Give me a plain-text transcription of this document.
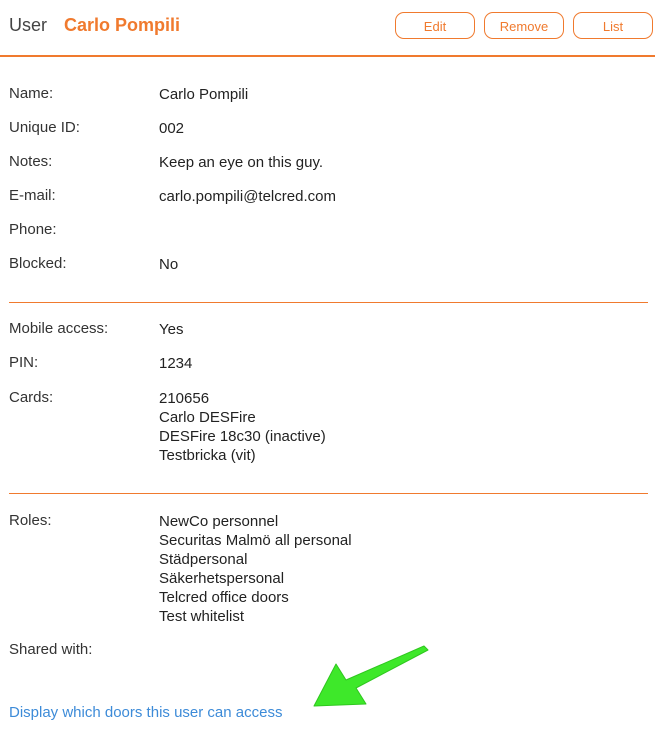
User Carlo Pompili	Edit	Remove	List
Name:	Carlo Pompili
Unique ID:	002
Notes:	Keep an eye on this guy.
E-mail:	carlo.pompili@telcred.com
Phone:
Blocked:	No
Mobile access:	Yes
PIN:	1234
Cards:	210656
Carlo DESFire
DESFire 18c30 (inactive)
Testbricka (vit)
Roles:	NewCo personnel
Securitas Malmö all personal
Städpersonal
Säkerhetspersonal
Telcred office doors
Test whitelist
Shared with:
Display which doors this user can access
